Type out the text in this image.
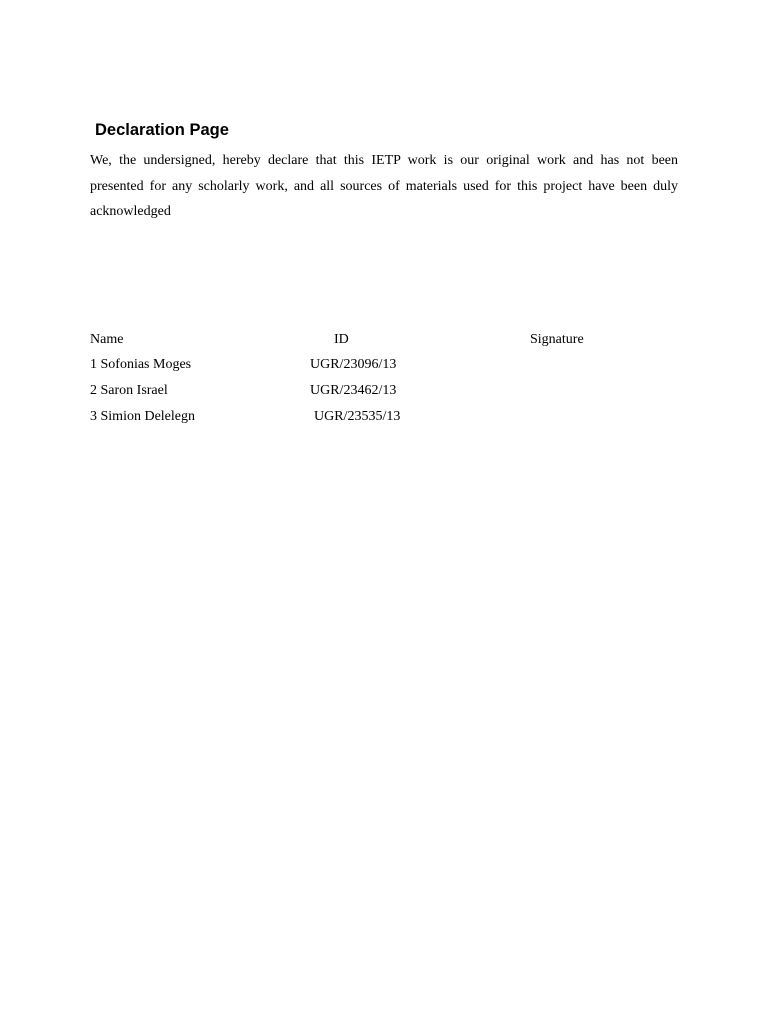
Declaration Page
We, the undersigned, hereby declare that this IETP work is our original work and has not been
presented for any scholarly work, and all sources of materials used for this project have been duly
acknowledged
Name	ID	Signature
1 Sofonias Moges	UGR/23096/13
2 Saron Israel	UGR/23462/13
3 Simion Delelegn	UGR/23535/13
